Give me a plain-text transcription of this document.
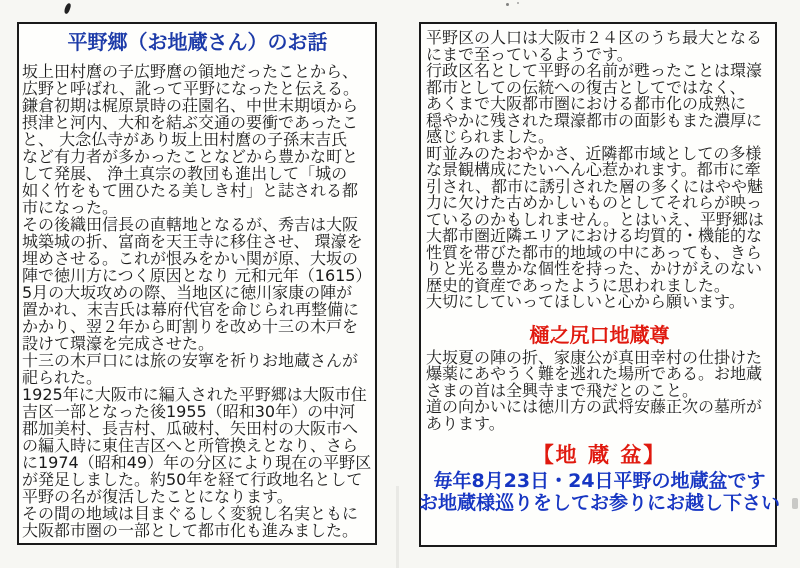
平野郷（お地蔵さん）のお話
坂上田村麿の子広野麿の領地だったことから、
広野と呼ばれ、訛って平野になったと伝える。
鎌倉初期は梶原景時の荘園名、中世末期頃から
摂津と河内、大和を結ぶ交通の要衝であったこ
と、 大念仏寺があり坂上田村麿の子孫末吉氏
など有力者が多かったことなどから豊かな町と
して発展、 浄土真宗の教団も進出して「城の
如く竹をもて囲ひたる美しき村」と誌される都
市になった。
その後織田信長の直轄地となるが、秀吉は大阪
城築城の折、富商を天王寺に移住させ、 環濠を
埋めさせる。これが恨みをかい関が原、大坂の
陣で徳川方につく原因となり 元和元年（1615）
5月の大坂攻めの際、当地区に徳川家康の陣が
置かれ、末吉氏は幕府代官を命じられ再整備に
かかり、翌２年から町割りを改め十三の木戸を
設けて環濠を完成させた。
十三の木戸口には旅の安寧を祈りお地蔵さんが
祀られた。
1925年に大阪市に編入された平野郷は大阪市住
吉区一部となった後1955（昭和30年）の中河
郡加美村、長吉村、瓜破村、矢田村の大阪市へ
の編入時に東住吉区へと所管換えとなり、さら
に1974（昭和49）年の分区により現在の平野区
が発足しました。約50年を経て行政地名として
平野の名が復活したことになります。
その間の地域は目まぐるしく変貌し名実ともに
大阪都市圏の一部として都市化も進みました。
平野区の人口は大阪市２４区のうち最大となる
にまで至っているようです。
行政区名として平野の名前が甦ったことは環濠
都市としての伝統への復古としてではなく、
あくまで大阪都市圏における都市化の成熟に
穏やかに残された環濠都市の面影もまた濃厚に
感じられました。
町並みのたおやかさ、近隣都市域としての多様
な景観構成にたいへん心惹かれます。都市に牽
引され、都市に誘引された層の多くにはやや魅
力に欠けた古めかしいものとしてそれらが映っ
ているのかもしれません。とはいえ、平野郷は
大都市圏近隣エリアにおける均質的・機能的な
性質を帯びた都市的地域の中にあっても、きら
りと光る豊かな個性を持った、かけがえのない
歴史的資産であったように思われました。
大切にしていってほしいと心から願います。
樋之尻口地蔵尊
大坂夏の陣の折、家康公が真田幸村の仕掛けた
爆薬にあやうく難を逃れた場所である。お地蔵
さまの首は全興寺まで飛だとのこと。
道の向かいには徳川方の武将安藤正次の墓所が
あります。
【地 蔵 盆】
毎年8月23日・24日平野の地蔵盆です
お地蔵様巡りをしてお参りにお越し下さい
